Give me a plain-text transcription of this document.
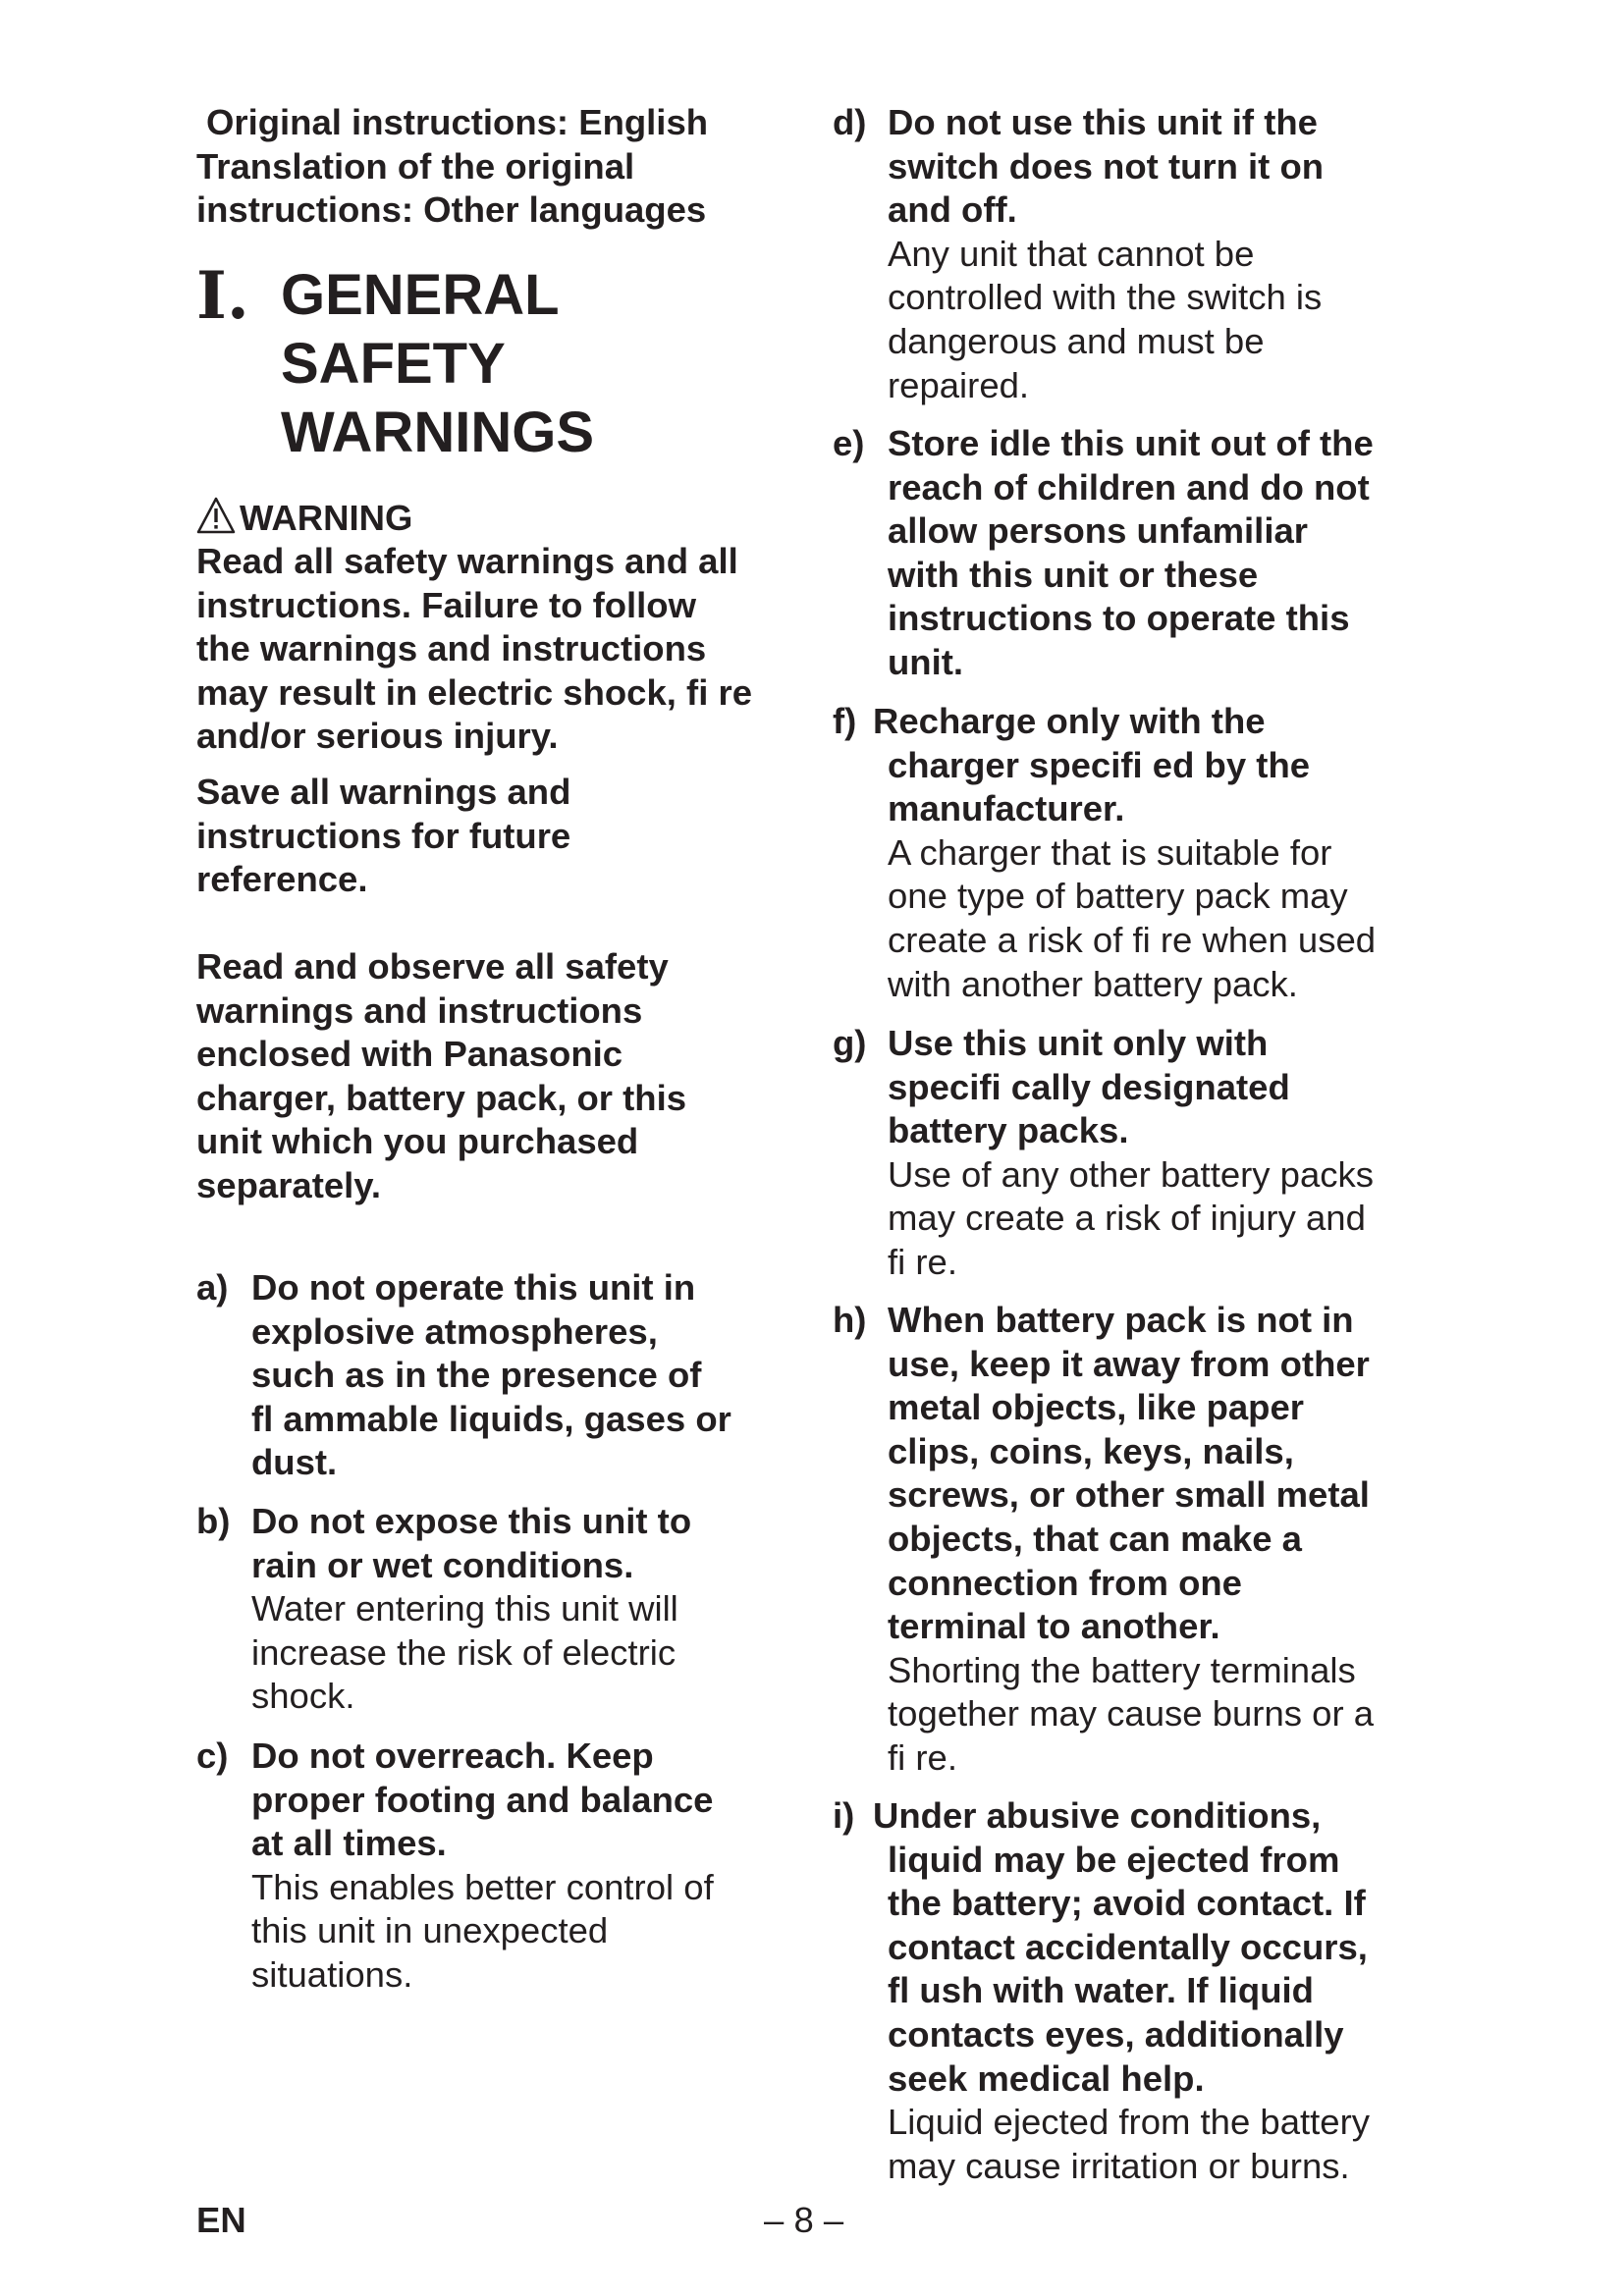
Original instructions: English
Translation of the original
instructions: Other languages
I. GENERAL
SAFETY
WARNINGS
WARNING
Read all safety warnings and all
instructions. Failure to follow
the warnings and instructions
may result in electric shock, fi re
and/or serious injury.
Save all warnings and
instructions for future
reference.
Read and observe all safety
warnings and instructions
enclosed with Panasonic
charger, battery pack, or this
unit which you purchased
separately.
a) Do not operate this unit in
explosive atmospheres,
such as in the presence of
fl ammable liquids, gases or
dust.
b) Do not expose this unit to
rain or wet conditions.
Water entering this unit will
increase the risk of electric
shock.
c) Do not overreach. Keep
proper footing and balance
at all times.
This enables better control of
this unit in unexpected
situations.
EN
d) Do not use this unit if the
switch does not turn it on
and off.
Any unit that cannot be
controlled with the switch is
dangerous and must be
repaired.
e) Store idle this unit out of the
reach of children and do not
allow persons unfamiliar
with this unit or these
instructions to operate this
unit.
f) Recharge only with the
charger specifi ed by the
manufacturer.
A charger that is suitable for
one type of battery pack may
create a risk of fi re when used
with another battery pack.
g) Use this unit only with
specifi cally designated
battery packs.
Use of any other battery packs
may create a risk of injury and
fi re.
h) When battery pack is not in
use, keep it away from other
metal objects, like paper
clips, coins, keys, nails,
screws, or other small metal
objects, that can make a
connection from one
terminal to another.
Shorting the battery terminals
together may cause burns or a
fi re.
i) Under abusive conditions,
liquid may be ejected from
the battery; avoid contact. If
contact accidentally occurs,
fl ush with water. If liquid
contacts eyes, additionally
seek medical help.
Liquid ejected from the battery
may cause irritation or burns.
– 8 –
